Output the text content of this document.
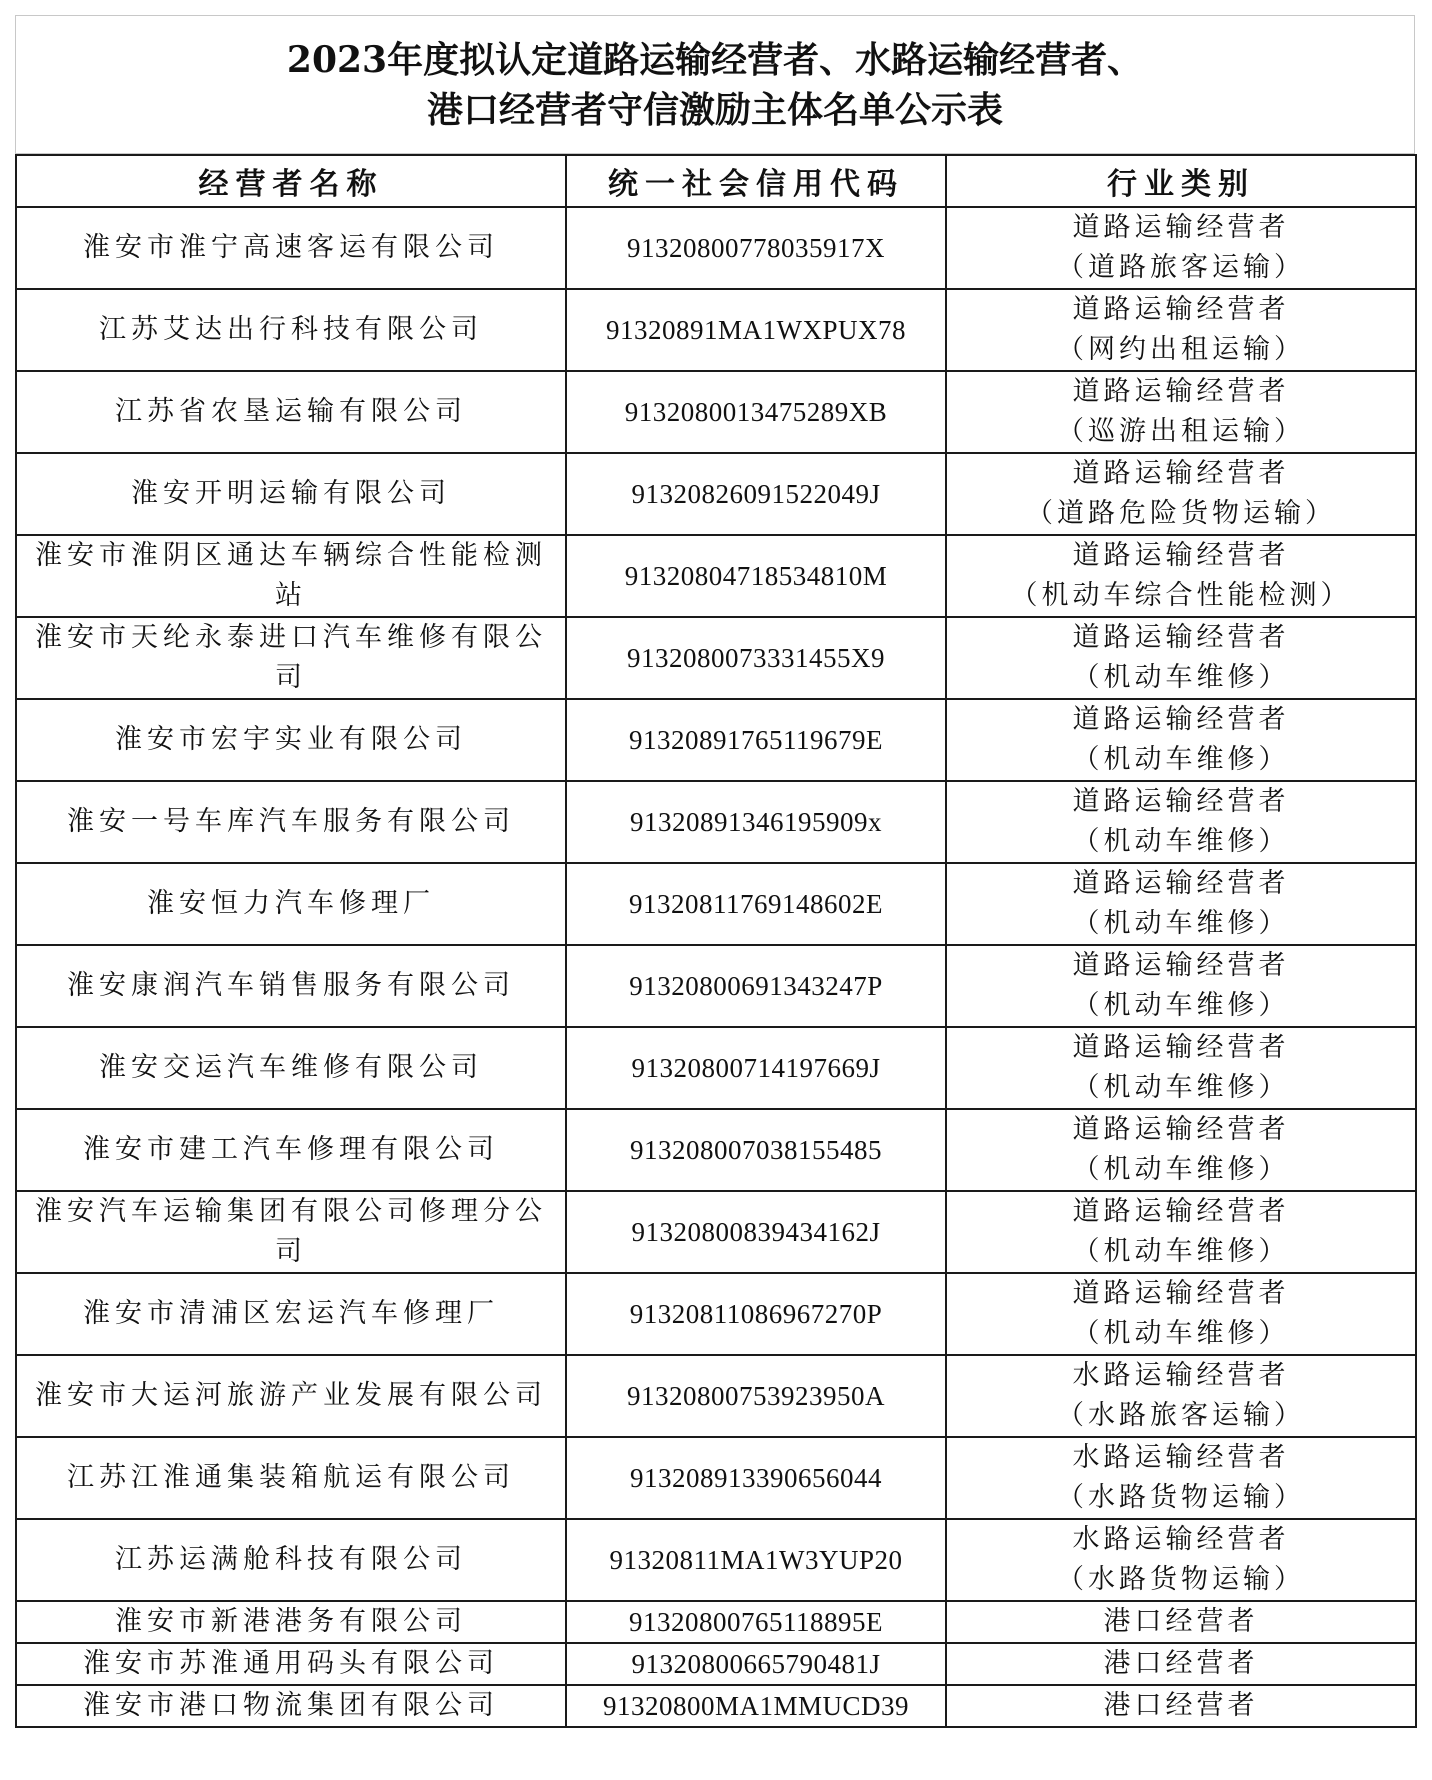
2023年度拟认定道路运输经营者、水路运输经营者、
港口经营者守信激励主体名单公示表
经营者名称	统一社会信用代码	行业类别
淮安市淮宁高速客运有限公司	91320800778035917X	道路运输经营者
（道路旅客运输）

江苏艾达出行科技有限公司	91320891MA1WXPUX78	道路运输经营者
（网约出租运输）

江苏省农垦运输有限公司	9132080013475289XB	道路运输经营者
（巡游出租运输）

淮安开明运输有限公司	91320826091522049J	道路运输经营者
（道路危险货物运输）

淮安市淮阴区通达车辆综合性能检测站	91320804718534810M	道路运输经营者
（机动车综合性能检测）

淮安市天纶永泰进口汽车维修有限公司	9132080073331455X9	道路运输经营者
（机动车维修）

淮安市宏宇实业有限公司	91320891765119679E	道路运输经营者
（机动车维修）

淮安一号车库汽车服务有限公司	91320891346195909x	道路运输经营者
（机动车维修）

淮安恒力汽车修理厂	91320811769148602E	道路运输经营者
（机动车维修）

淮安康润汽车销售服务有限公司	91320800691343247P	道路运输经营者
（机动车维修）

淮安交运汽车维修有限公司	91320800714197669J	道路运输经营者
（机动车维修）

淮安市建工汽车修理有限公司	913208007038155485	道路运输经营者
（机动车维修）

淮安汽车运输集团有限公司修理分公司	91320800839434162J	道路运输经营者
（机动车维修）

淮安市清浦区宏运汽车修理厂	91320811086967270P	道路运输经营者
（机动车维修）

淮安市大运河旅游产业发展有限公司	91320800753923950A	水路运输经营者
（水路旅客运输）

江苏江淮通集装箱航运有限公司	913208913390656044	水路运输经营者
（水路货物运输）

江苏运满舱科技有限公司	91320811MA1W3YUP20	水路运输经营者
（水路货物运输）

淮安市新港港务有限公司	91320800765118895E	港口经营者

淮安市苏淮通用码头有限公司	91320800665790481J	港口经营者

淮安市港口物流集团有限公司	91320800MA1MMUCD39	港口经营者
